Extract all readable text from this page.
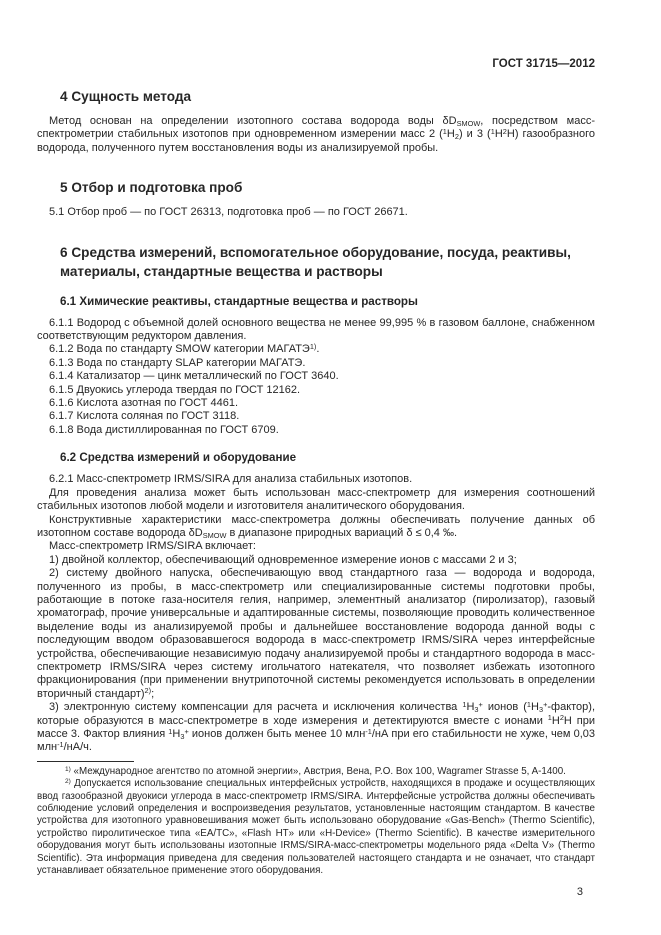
ГОСТ 31715—2012
4 Сущность метода

Метод основан на определении изотопного состава водорода воды $\delta D_{SMOW}$, посредством масс-спектрометрии стабильных изотопов при одновременном измерении масс 2 $(^1H_2)$ и 3 $(^1H^2H)$ газообразного водорода, полученного путем восстановления воды из анализируемой пробы.

5 Отбор и подготовка проб

5.1 Отбор проб — по ГОСТ 26313, подготовка проб — по ГОСТ 26671.

6 Средства измерений, вспомогательное оборудование, посуда, реактивы, материалы, стандартные вещества и растворы
6.1 Химические реактивы, стандартные вещества и растворы

6.1.1 Водород с объемной долей основного вещества не менее 99,995 % в газовом баллоне, снабженном соответствующим редуктором давления.

6.1.2 Вода по стандарту SMOW категории МАГАТЭ$^{1)}$.

6.1.3 Вода по стандарту SLAP категории МАГАТЭ.

6.1.4 Катализатор — цинк металлический по ГОСТ 3640.

6.1.5 Двуокись углерода твердая по ГОСТ 12162.

6.1.6 Кислота азотная по ГОСТ 4461.

6.1.7 Кислота соляная по ГОСТ 3118.

6.1.8 Вода дистиллированная по ГОСТ 6709.

6.2 Средства измерений и оборудование

6.2.1 Масс-спектрометр IRMS/SIRA для анализа стабильных изотопов.

Для проведения анализа может быть использован масс-спектрометр для измерения соотношений стабильных изотопов любой модели и изготовителя аналитического оборудования.

Конструктивные характеристики масс-спектрометра должны обеспечивать получение данных об изотопном составе водорода $\delta D_{SMOW}$ в диапазоне природных вариаций δ ≤ 0,4 ‰.

Масс-спектрометр IRMS/SIRA включает:

1) двойной коллектор, обеспечивающий одновременное измерение ионов с массами 2 и 3;

2) систему двойного напуска, обеспечивающую ввод стандартного газа — водорода и водорода, полученного из пробы, в масс-спектрометр или специализированные системы подготовки пробы, работающие в потоке газа-носителя гелия, например, элементный анализатор (пиролизатор), газовый хроматограф, прочие универсальные и адаптированные системы, позволяющие проводить количественное выделение воды из анализируемой пробы и дальнейшее восстановление водорода данной воды с последующим вводом образовавшегося водорода в масс-спектрометр IRMS/SIRA через интерфейсные устройства, обеспечивающие независимую подачу анализируемой пробы и стандартного водорода в масс-спектрометр IRMS/SIRA через систему игольчатого натекателя, что позволяет избежать изотопного фракционирования (при применении внутрипоточной системы рекомендуется использовать в определении вторичный стандарт)$^{2)}$;

3) электронную систему компенсации для расчета и исключения количества $^1H_3^+$ ионов $(^1H_3^+-фактор)$, которые образуются в масс-спектрометре в ходе измерения и детектируются вместе с ионами $^1H^2H$ при массе 3. Фактор влияния $^1H_3^+$ ионов должен быть менее 10 млн$^{-1}$/нА при его стабильности не хуже, чем 0,03 млн$^{-1}$/нА/ч.

$^{1)}$ «Международное агентство по атомной энергии», Австрия, Вена, P.O. Box 100, Wagramer Strasse 5, A-1400.

$^{2)}$ Допускается использование специальных интерфейсных устройств, находящихся в продаже и осуществляющих ввод газообразной двуокиси углерода в масс-спектрометр IRMS/SIRA. Интерфейсные устройства должны обеспечивать соблюдение условий определения и воспроизведения результатов, установленные настоящим стандартом. В качестве устройства для изотопного уравновешивания может быть использовано оборудование «Gas-Bench» (Thermo Scientific), устройство пиролитическое типа «EA/TC», «Flash HT» или «H-Device» (Thermo Scientific). В качестве измерительного оборудования могут быть использованы изотопные IRMS/SIRA-масс-спектрометры модельного ряда «Delta V» (Thermo Scientific). Эта информация приведена для сведения пользователей настоящего стандарта и не означает, что стандарт устанавливает обязательное применение этого оборудования.

3
